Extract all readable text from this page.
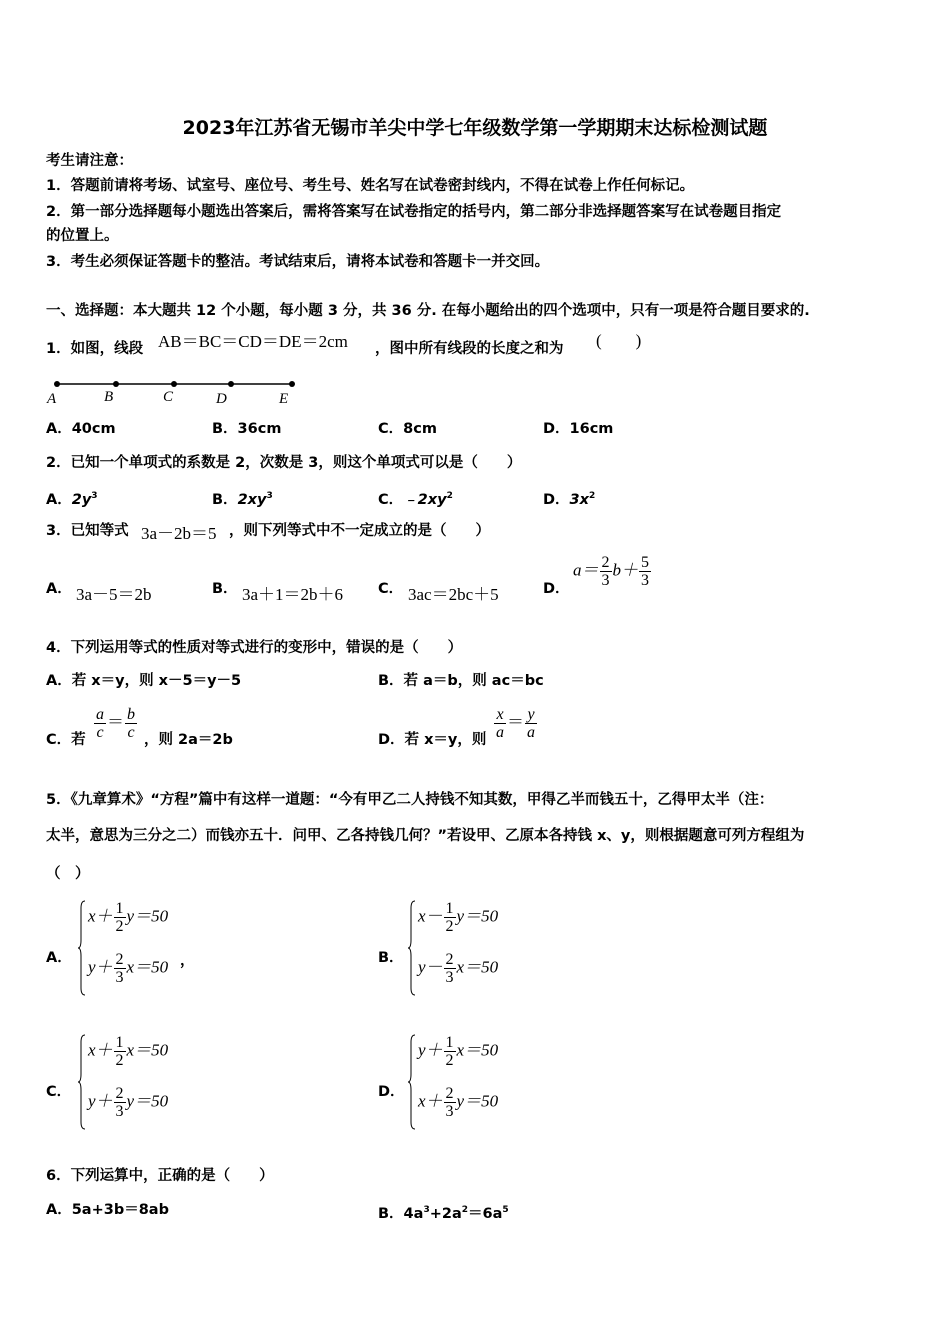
2023年江苏省无锡市羊尖中学七年级数学第一学期期末达标检测试题
考生请注意：
1．答题前请将考场、试室号、座位号、考生号、姓名写在试卷密封线内，不得在试卷上作任何标记。
2．第一部分选择题每小题选出答案后，需将答案写在试卷指定的括号内，第二部分非选择题答案写在试卷题目指定
的位置上。
3．考生必须保证答题卡的整洁。考试结束后，请将本试卷和答题卡一并交回。
一、选择题：本大题共 12 个小题，每小题 3 分，共 36 分. 在每小题给出的四个选项中，只有一项是符合题目要求的.
1．如图，线段 AB＝BC＝CD＝DE＝2cm ，图中所有线段的长度之和为 (　　)
A	B	C	D	E
A．40cm	B．36cm	C．8cm	D．16cm
2．已知一个单项式的系数是 2，次数是 3，则这个单项式可以是（　　）
A．$2y^3$	B．$2xy^3$	C．$﹣2xy^2$	D．$3x^2$
3．已知等式 3a－2b＝5 ，则下列等式中不一定成立的是（　　）
A． 3a－5＝2b	B． 3a＋1＝2b＋6 C． 3ac＝2bc＋5	D．
$a= \frac{2}{3} b+ \frac{5}{3}$
4．下列运用等式的性质对等式进行的变形中，错误的是（　　）
A．若 x＝y，则 x－5＝y－5	B．若 a＝b，则 ac＝bc
C．若 $\frac{a}{c} = \frac{b}{c}$ ，则 2a＝2b	D．若 x＝y，则 $\frac{x}{a} = \frac{y}{a}$
5．《九章算术》“方程”篇中有这样一道题：“今有甲乙二人持钱不知其数，甲得乙半而钱五十，乙得甲太半（注：
太半，意思为三分之二）而钱亦五十．问甲、乙各持钱几何？”若设甲、乙原本各持钱 x、y，则根据题意可列方程组为
（　）
A．
$x+ \frac{1}{2} y=50$
$y+ \frac{2}{3} x=50$ ，	B．
$x- \frac{1}{2} y=50$
$y- \frac{2}{3} x=50$
C．
$x+ \frac{1}{2} x=50$
$y+ \frac{2}{3} y=50$	D．
$y+ \frac{1}{2} x=50$
$x+ \frac{2}{3} y=50$
6．下列运算中，正确的是（　　）
A．5a+3b＝8ab	B．$4a^3+2a^2=6a^5$
